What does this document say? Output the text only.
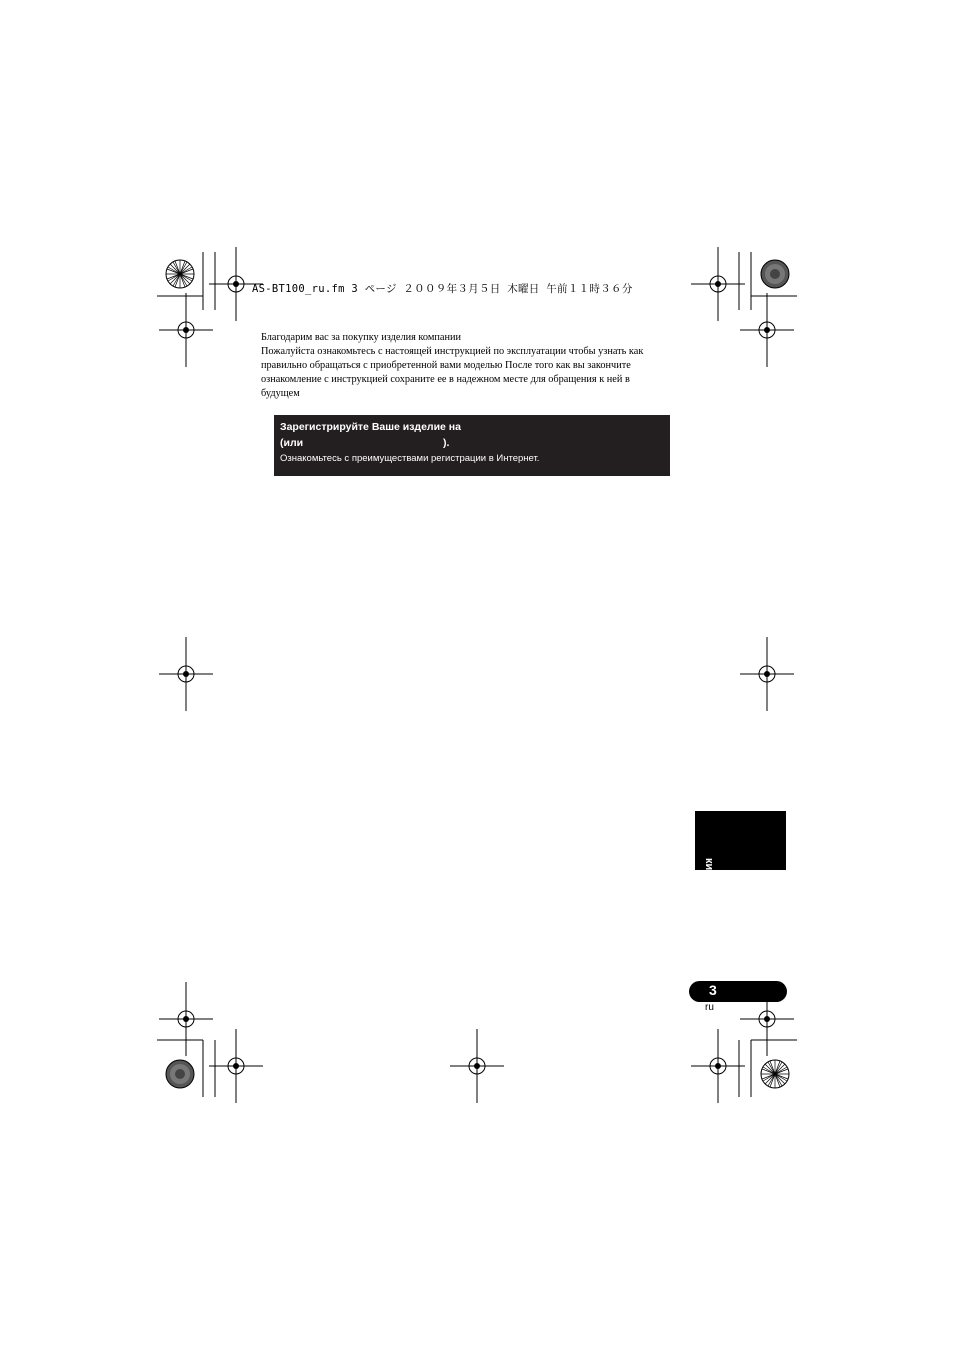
AS-BT100_ru.fm 3 ページ ２００９年３月５日 木曜日 午前１１時３６分
Благодарим вас за покупку изделия компании
Пожалуйста ознакомьтесь с настоящей инструкцией по эксплуатации чтобы узнать как
правильно обращаться с приобретенной вами моделью После того как вы закончите
ознакомление с инструкцией сохраните ее в надежном месте для обращения к ней в
будущем
Зарегистрируйте Ваше изделие на
(или	).
Ознакомьтесь с преимуществами регистрации в Интернет.
кий
3
ru
